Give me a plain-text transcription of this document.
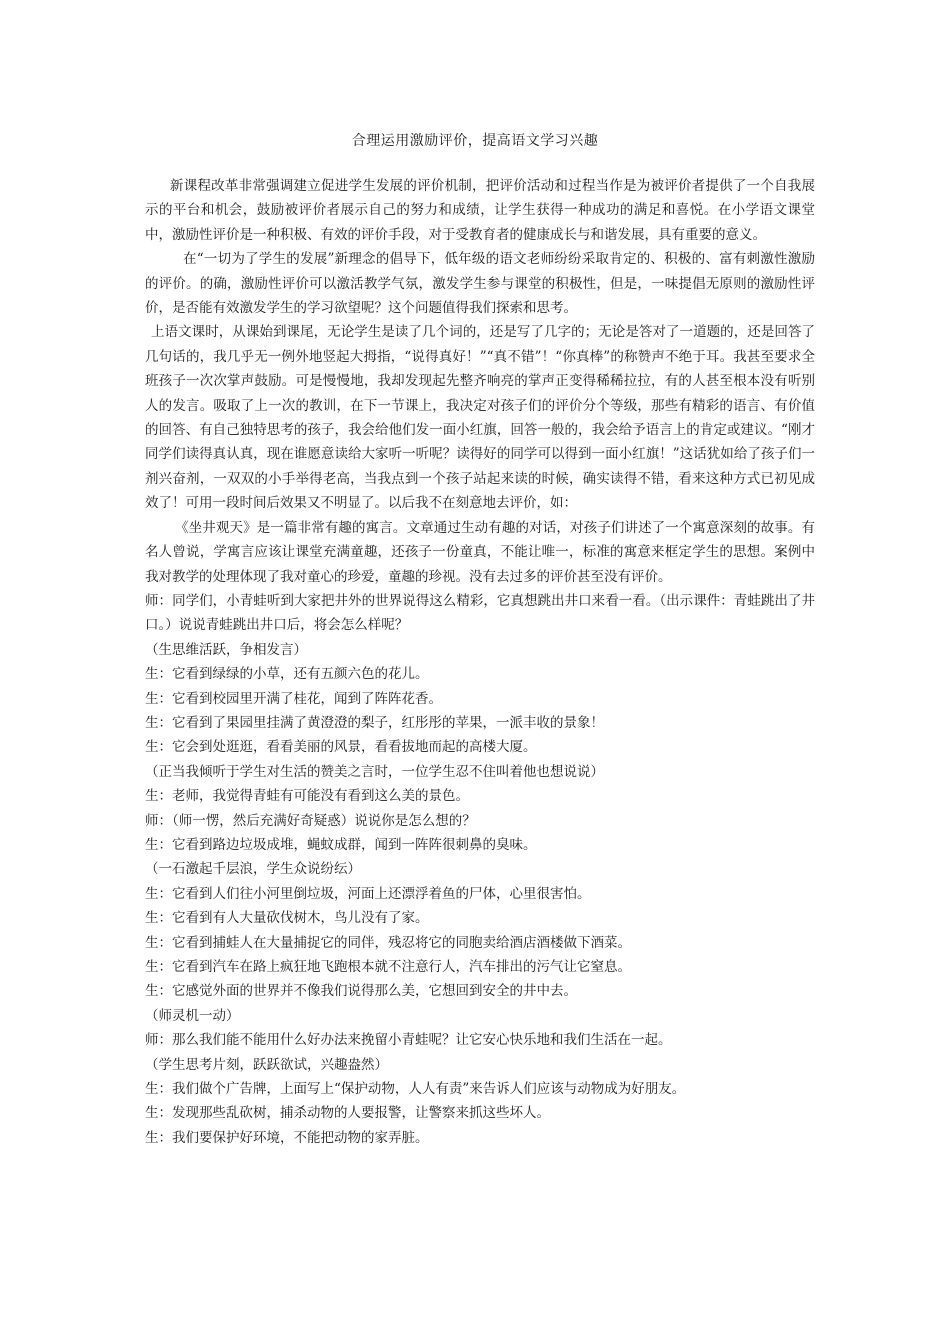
合理运用激励评价，提高语文学习兴趣

新课程改革非常强调建立促进学生发展的评价机制，把评价活动和过程当作是为被评价者提供了一个自我展示的平台和机会，鼓励被评价者展示自己的努力和成绩，让学生获得一种成功的满足和喜悦。在小学语文课堂中，激励性评价是一种积极、有效的评价手段，对于受教育者的健康成长与和谐发展，具有重要的意义。

在“一切为了学生的发展”新理念的倡导下，低年级的语文老师纷纷采取肯定的、积极的、富有刺激性激励的评价。的确，激励性评价可以激活教学气氛，激发学生参与课堂的积极性，但是，一味提倡无原则的激励性评价，是否能有效激发学生的学习欲望呢？这个问题值得我们探索和思考。

上语文课时，从课始到课尾，无论学生是读了几个词的，还是写了几字的；无论是答对了一道题的，还是回答了几句话的，我几乎无一例外地竖起大拇指，“说得真好！”“真不错”！“你真棒”的称赞声不绝于耳。我甚至要求全班孩子一次次掌声鼓励。可是慢慢地，我却发现起先整齐响亮的掌声正变得稀稀拉拉，有的人甚至根本没有听别人的发言。吸取了上一次的教训，在下一节课上，我决定对孩子们的评价分个等级，那些有精彩的语言、有价值的回答、有自己独特思考的孩子，我会给他们发一面小红旗，回答一般的，我会给予语言上的肯定或建议。“刚才同学们读得真认真，现在谁愿意读给大家听一听呢？读得好的同学可以得到一面小红旗！”这话犹如给了孩子们一剂兴奋剂，一双双的小手举得老高，当我点到一个孩子站起来读的时候，确实读得不错，看来这种方式已初见成效了！可用一段时间后效果又不明显了。以后我不在刻意地去评价，如：

《坐井观天》是一篇非常有趣的寓言。文章通过生动有趣的对话，对孩子们讲述了一个寓意深刻的故事。有名人曾说，学寓言应该让课堂充满童趣，还孩子一份童真，不能让唯一，标准的寓意来框定学生的思想。案例中我对教学的处理体现了我对童心的珍爱，童趣的珍视。没有去过多的评价甚至没有评价。

师：同学们，小青蛙听到大家把井外的世界说得这么精彩，它真想跳出井口来看一看。（出示课件：青蛙跳出了井口。）说说青蛙跳出井口后，将会怎么样呢？

（生思维活跃，争相发言）

生：它看到绿绿的小草，还有五颜六色的花儿。

生：它看到校园里开满了桂花，闻到了阵阵花香。

生：它看到了果园里挂满了黄澄澄的梨子，红彤彤的苹果，一派丰收的景象！

生：它会到处逛逛，看看美丽的风景，看看拔地而起的高楼大厦。

（正当我倾听于学生对生活的赞美之言时，一位学生忍不住叫着他也想说说）

生：老师，我觉得青蛙有可能没有看到这么美的景色。

师：（师一愣，然后充满好奇疑惑）说说你是怎么想的？

生：它看到路边垃圾成堆，蝇蚊成群，闻到一阵阵很刺鼻的臭味。

（一石激起千层浪，学生众说纷纭）

生：它看到人们往小河里倒垃圾，河面上还漂浮着鱼的尸体，心里很害怕。

生：它看到有人大量砍伐树木，鸟儿没有了家。

生：它看到捕蛙人在大量捕捉它的同伴，残忍将它的同胞卖给酒店酒楼做下酒菜。

生：它看到汽车在路上疯狂地飞跑根本就不注意行人，汽车排出的污气让它窒息。

生：它感觉外面的世界并不像我们说得那么美，它想回到安全的井中去。

（师灵机一动）

师：那么我们能不能用什么好办法来挽留小青蛙呢？让它安心快乐地和我们生活在一起。

（学生思考片刻，跃跃欲试，兴趣盎然）

生：我们做个广告牌，上面写上“保护动物，人人有责”来告诉人们应该与动物成为好朋友。

生：发现那些乱砍树，捕杀动物的人要报警，让警察来抓这些坏人。

生：我们要保护好环境，不能把动物的家弄脏。
